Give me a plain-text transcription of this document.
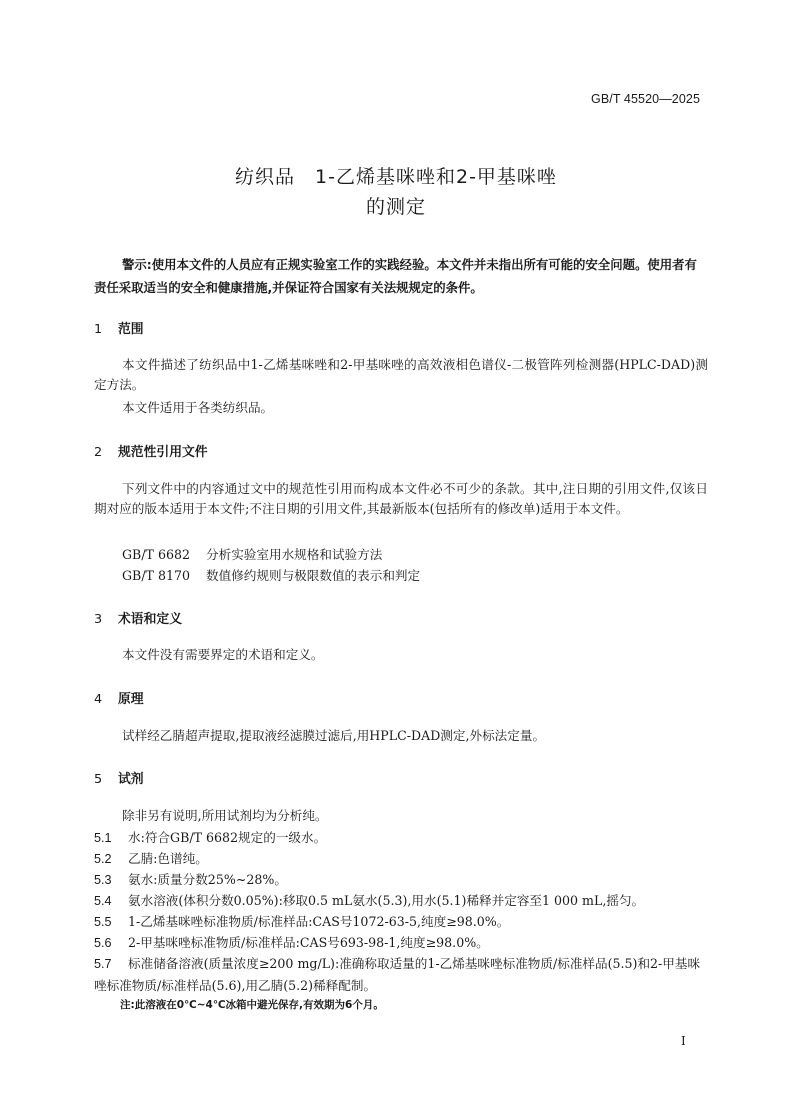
GB/T 45520—2025
纺织品　1-乙烯基咪唑和2-甲基咪唑
的测定
警示:使用本文件的人员应有正规实验室工作的实践经验。本文件并未指出所有可能的安全问题。使用者有责任采取适当的安全和健康措施,并保证符合国家有关法规规定的条件。
1 范围
本文件描述了纺织品中1-乙烯基咪唑和2-甲基咪唑的高效液相色谱仪-二极管阵列检测器(HPLC-DAD)测定方法。
本文件适用于各类纺织品。
2 规范性引用文件
下列文件中的内容通过文中的规范性引用而构成本文件必不可少的条款。其中,注日期的引用文件,仅该日期对应的版本适用于本文件;不注日期的引用文件,其最新版本(包括所有的修改单)适用于本文件。
GB/T 6682 分析实验室用水规格和试验方法
GB/T 8170 数值修约规则与极限数值的表示和判定
3 术语和定义
本文件没有需要界定的术语和定义。
4 原理
试样经乙腈超声提取,提取液经滤膜过滤后,用HPLC-DAD测定,外标法定量。
5 试剂
除非另有说明,所用试剂均为分析纯。
5.1 水:符合GB/T 6682规定的一级水。
5.2 乙腈:色谱纯。
5.3 氨水:质量分数25%~28%。
5.4 氨水溶液(体积分数0.05%):移取0.5 mL氨水(5.3),用水(5.1)稀释并定容至1 000 mL,摇匀。
5.5 1-乙烯基咪唑标准物质/标准样品:CAS号1072-63-5,纯度≥98.0%。
5.6 2-甲基咪唑标准物质/标准样品:CAS号693-98-1,纯度≥98.0%。
5.7 标准储备溶液(质量浓度≥200 mg/L):准确称取适量的1-乙烯基咪唑标准物质/标准样品(5.5)和2-甲基咪唑标准物质/标准样品(5.6),用乙腈(5.2)稀释配制。
注:此溶液在0℃~4℃冰箱中避光保存,有效期为6个月。
I
